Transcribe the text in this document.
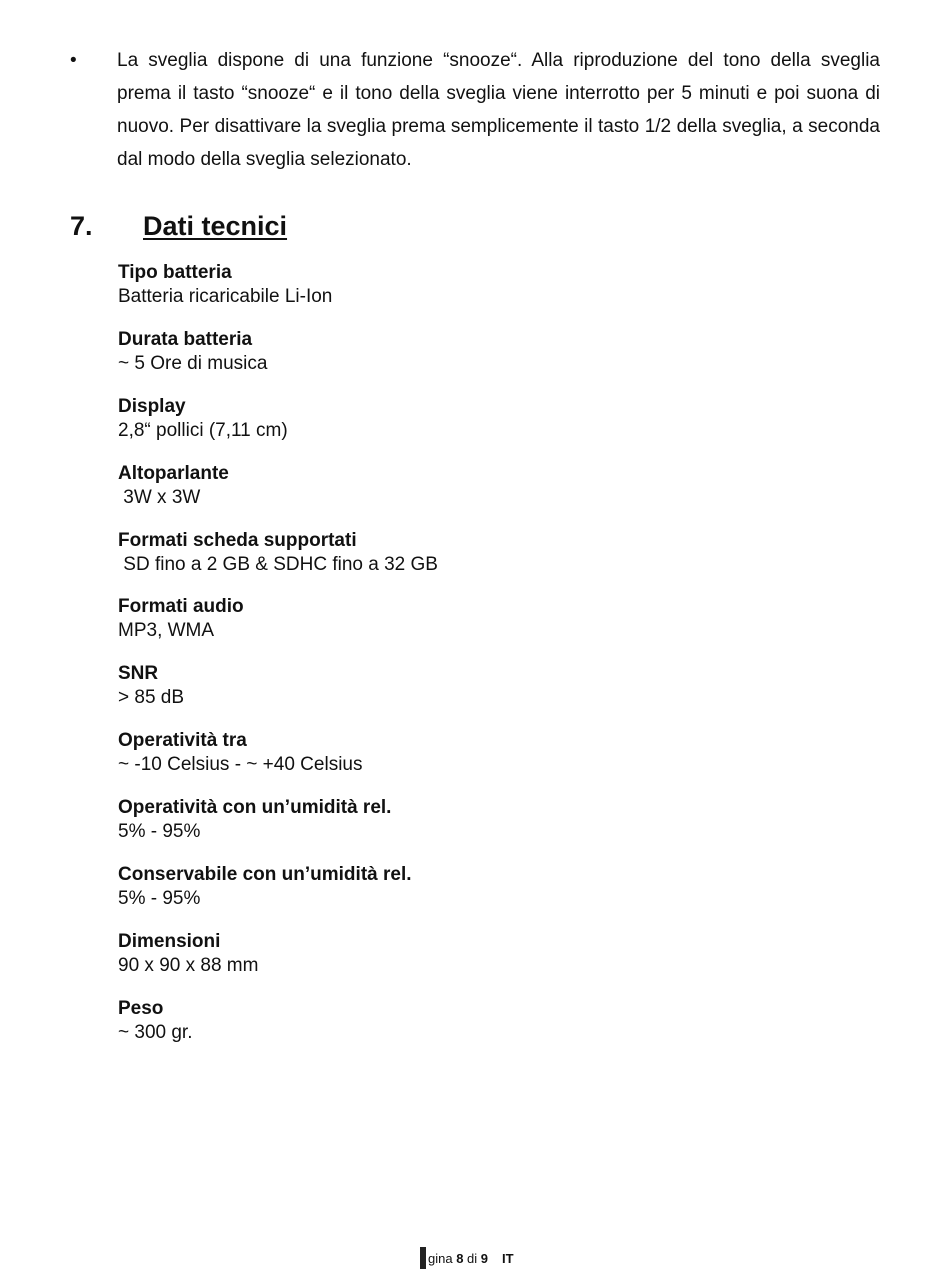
• La sveglia dispone di una funzione “snooze“. Alla riproduzione del tono della sveglia prema il tasto “snooze“ e il tono della sveglia viene interrotto per 5 minuti e poi suona di nuovo. Per disattivare la sveglia prema semplicemente il tasto 1/2 della sveglia, a seconda dal modo della sveglia selezionato.
7. Dati tecnici
Tipo batteria
Batteria ricaricabile Li-Ion
Durata batteria
~ 5 Ore di musica
Display
2,8“ pollici (7,11 cm)
Altoparlante
3W x 3W
Formati scheda supportati
SD fino a 2 GB & SDHC fino a 32 GB
Formati audio
MP3, WMA
SNR
> 85 dB
Operatività tra
~ -10 Celsius - ~ +40 Celsius
Operatività con un’umidità rel.
5% - 95%
Conservabile con un’umidità rel.
5% - 95%
Dimensioni
90 x 90 x 88 mm
Peso
~ 300 gr.
gina 8 di 9 IT
